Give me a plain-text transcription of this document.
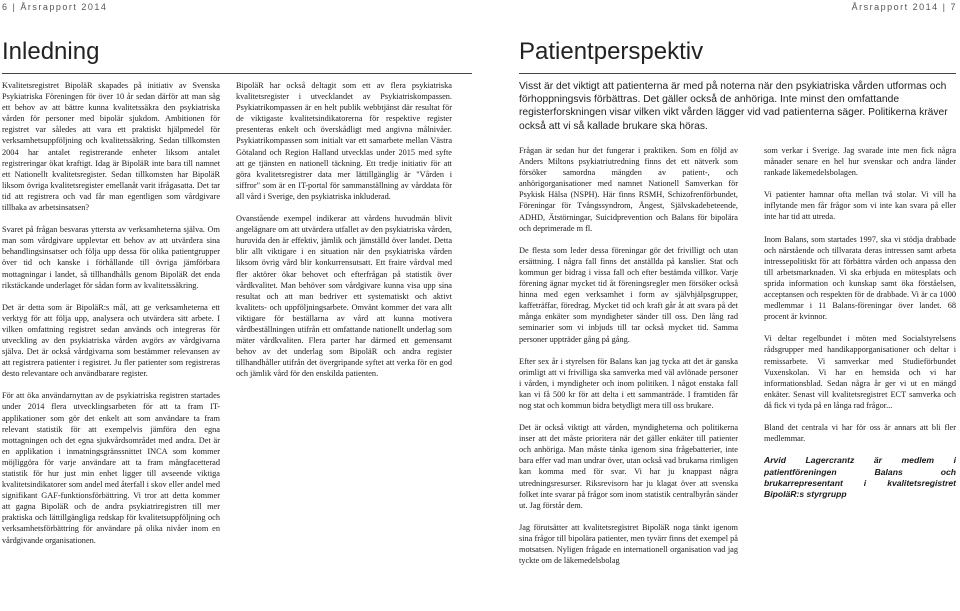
6 | Årsrapport 2014	Årsrapport 2014 | 7
Inledning

Kvalitetsregistret BipoläR skapades på initiativ av Svenska Psykiatriska Föreningen för över 10 år sedan därför att man såg ett behov av att bättre kunna kvalitetssäkra den psykiatriska vården för personer med bipolär sjukdom. Ambitionen för registret var således att vara ett praktiskt hjälpmedel för verksamhetsuppföljning och kvalitetssäkring. Sedan tillkomsten 2004 har antalet registrerande enheter liksom antalet registreringar ökat kraftigt. Idag är BipoläR inte bara till namnet ett Nationellt kvalitetsregister. Sedan tillkomsten har BipoläR liksom övriga kvalitetsregister emellanåt varit ifrågasatta. Det tar tid att registrera och vad får man egentligen som vårdgivare tillbaka av arbetsinsatsen?

Svaret på frågan besvaras yttersta av verksamheterna själva. Om man som vårdgivare upplevtar ett behov av att utvärdera sina behandlingsinsatser och följa upp dessa för olika patientgrupper över tid och kanske i förhållande till övriga jämförbara mottagningar i landet, så tillhandhålls genom BipoläR det enda rikstäckande underlaget för sådan form av kvalitetssäkring.

Det är detta som är BipoläR:s mål, att ge verksamheterna ett verktyg för att följa upp, analysera och utvärdera sitt arbete. I vilken omfattning registret sedan används och integreras för utveckling av den psykiatriska vården avgörs av vårdgivarna själva. Det är också vårdgivarna som bestämmer relevansen av att registrera patienter i registret. Ju fler patienter som registreras desto relevantare och användbarare register.

För att öka användarnyttan av de psykiatriska registren startades under 2014 flera utvecklingsarbeten för att ta fram IT-applikationer som gör det enkelt att som användare ta fram relevant statistik för att exempelvis jämföra den egna mottagningen och det egna sjukvårdsområdet med andra. Det är en applikation i inmatningsgränssnittet INCA som kommer möjliggöra för varje användare att ta fram mångfacetterad statistik för hur just min enhet ligger till avseende viktiga kvalitetsindikatorer som andel med återfall i skov eller andel med signifikant GAF-funktionsförbättring. Vi tror att detta kommer att gagna BipoläR och de andra psykiatriregistren till mer praktiska och lättillgängliga redskap för kvalitetsuppföljning och verksamhetsförbättring för användare på olika nivåer inom en vårdgivande organisationen.

BipoläR har också deltagit som ett av flera psykiatriska kvalitetsregister i utvecklandet av Psykiatriskompassen. Psykiatrikompassen är en helt publik webbtjänst där resultat för de viktigaste kvalitetsindikatorerna för respektive register presenteras enkelt och överskådligt med angivna målnivåer. Psykiatrikompassen som initialt var ett samarbete mellan Västra Götaland och Region Halland utvecklas under 2015 med syfte att ge tjänsten en nationell täckning. Ett tredje initiativ för att göra kvalitetsregistrer data mer lättillgänglig är "Vården i siffror" som är en IT-portal för sammanställning av vårddata för all vård i Sverige, den psykiatriska inkluderad.

Ovanstående exempel indikerar att vårdens huvudmän blivit angelägnare om att utvärdera utfallet av den psykiatriska vården, huruvida den är effektiv, jämlik och jämställd över landet. Detta blir allt viktigare i en situation när den psykiatriska vården liksom övrig vård blir konkurrensutsatt. Ett fraire vårdval med fler aktörer ökar behovet och efterfrågan på statistik över vårdkvalitet. Man behöver som vårdgivare kunna visa upp sina resultat och att man bedriver ett systematiskt och aktivt kvalitets- och uppföljningsarbete. Omvänt kommer det vara allt viktigare för beställarna av vård att kunna motivera vårdbeställningen utifrån ett omfattande nationellt underlag som mäter vårdkvaliten. Flera parter har därmed ett gemensamt behov av det underlag som BipoläR och andra register tillhandhåller utifrån det övergripande syftet att verka för en god och jämlik vård för den enskilda patienten.

Patientperspektiv

Visst är det viktigt att patienterna är med på noterna när den psykiatriska vården utformas och förhoppningsvis förbättras. Det gäller också de anhöriga. Inte minst den omfattande registerforskningen visar vilken vikt vården lägger vid vad patienterna säger. Politikerna kräver också att vi så kallade brukare ska höras.

Frågan är sedan hur det fungerar i praktiken. Som en följd av Anders Miltons psykiatriutredning finns det ett nätverk som försöker samordna mängden av patient-, och anhörigorganisationer med namnet Nationell Samverkan för Psykisk Hälsa (NSPH). Här finns RSMH, Schizofrenförbundet, Föreningar för Tvångssyndrom, Ångest, Självskadebeteende, ADHD, Ätstörningar, Suicidprevention och Balans för bipolära och deprimerade m fl.

De flesta som leder dessa föreningar gör det frivilligt och utan ersättning. I några fall finns det anställda på kanslier. Stat och kommun ger bidrag i vissa fall och efter bestämda villkor. Varje förening ägnar mycket tid åt föreningsregler men försöker också hinna med egen verksamhet i form av självhjälpsgrupper, kaffeträffar, föredrag. Mycket tid och kraft går åt att svara på det många enkäter som myndigheter sänder till oss. Den lång rad seminarier som vi inbjuds till tar också mycket tid. Samma personer uppträder gång på gång.

Efter sex år i styrelsen för Balans kan jag tycka att det är ganska orimligt att vi frivilliga ska samverka med väl avlönade personer i vården, i myndigheter och inom politiken. I något enstaka fall kan vi få 500 kr för att delta i ett sammanträde. I framtiden får nog stat och kommun bidra betydligt mera till oss brukare.

Det är också viktigt att vården, myndigheterna och politikerna inser att det måste prioritera när det gäller enkäter till patienter och anhöriga. Man måste tänka igenom sina frågebatterier, inte bara effer vad man undrar över, utan också vad brukarna rimligen kan komma med för svar. Vi har ju knappast några utredningsresurser. Riksrevisorn har ju klagat över att svenska folket inte svarar på frågor som inom statistik centralbyrån sänder ut. Jag förstår dem.

Jag förutsätter att kvalitetsregistret BipoläR noga tänkt igenom sina frågor till bipolära patienter, men tyvärr finns det exempel på motsatsen. Nyligen frågade en internationell organisation vad jag tyckte om de läkemedelsbolag

som verkar i Sverige. Jag svarade inte men fick några månader senare en hel hur svenskar och andra länder rankade läkemedelsbolagen.

Vi patienter hamnar ofta mellan två stolar. Vi vill ha inflytande men får frågor som vi inte kan svara på eller inte har tid att utreda.

Inom Balans, som startades 1997, ska vi stödja drabbade och närstående och tillvarata deras intressen samt arbeta intressepolitiskt för att förbättra vården och anpassa den till arbetsmarknaden. Vi ska erbjuda en mötesplats och sprida information och kunskap samt öka förståelsen, acceptansen och respekten för de drabbade. Vi är ca 1000 medlemmar i 11 Balans-föreningar över landet. 68 procent är kvinnor.

Vi deltar regelbundet i möten med Socialstyrelsens rådsgrupper med handikapporganisationer och deltar i remissarbete. Vi samverkar med Studieförbundet Vuxenskolan. Vi har en hemsida och vi har informationsblad. Sedan några år ger vi ut en mängd enkäter. Senast vill kvalitetsregistret ECT samverka och då fick vi tyda på en långa rad frågor...

Bland det centrala vi har för oss är annars att bli fler medlemmar.

Arvid Lagercrantz är medlem i patientföreningen Balans och brukarrepresentant i kvalitetsregistret BipoläR:s styrgrupp
